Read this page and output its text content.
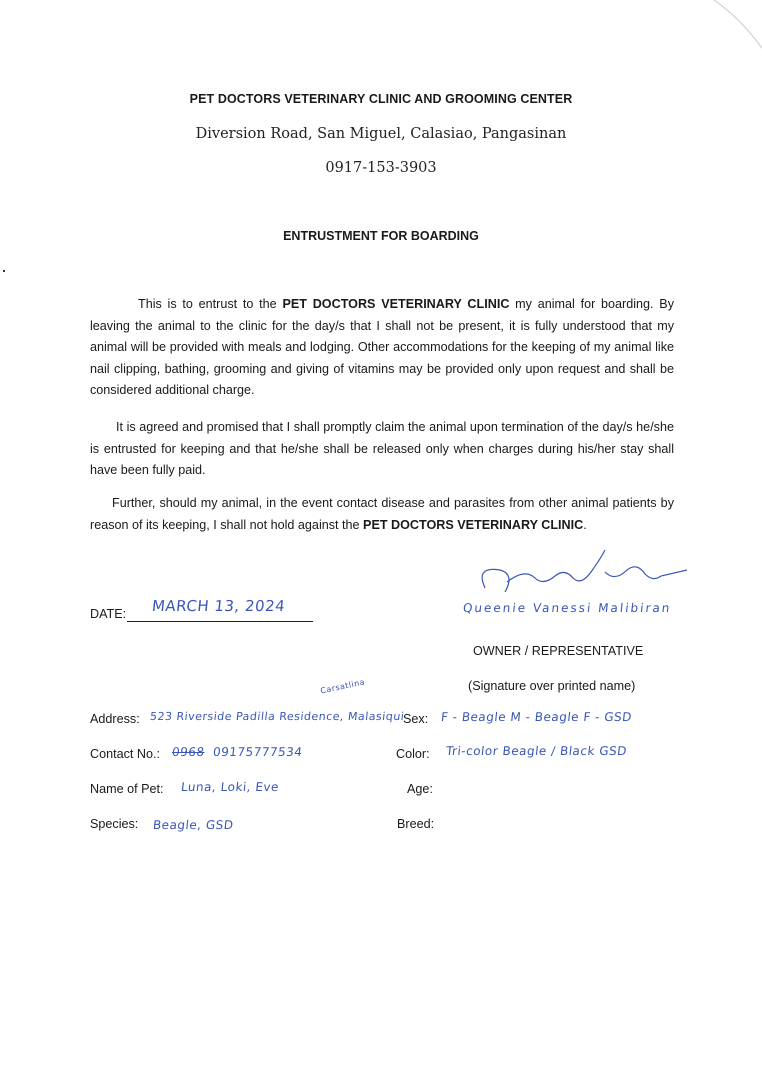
PET DOCTORS VETERINARY CLINIC AND GROOMING CENTER
Diversion Road, San Miguel, Calasiao, Pangasinan
0917-153-3903
ENTRUSTMENT FOR BOARDING
This is to entrust to the PET DOCTORS VETERINARY CLINIC my animal for boarding. By leaving the animal to the clinic for the day/s that I shall not be present, it is fully understood that my animal will be provided with meals and lodging. Other accommodations for the keeping of my animal like nail clipping, bathing, grooming and giving of vitamins may be provided only upon request and shall be considered additional charge.
It is agreed and promised that I shall promptly claim the animal upon termination of the day/s he/she is entrusted for keeping and that he/she shall be released only when charges during his/her stay shall have been fully paid.
Further, should my animal, in the event contact disease and parasites from other animal patients by reason of its keeping, I shall not hold against the PET DOCTORS VETERINARY CLINIC.
DATE: MARCH 13, 2024	Queenie Vanessi Malibiran
OWNER / REPRESENTATIVE
(Signature over printed name)
Address: 523 Riverside Padilla Residence, Malasiqui
Carsatlina
Contact No.: 0968 09175777534
Name of Pet: Luna, Loki, Eve
Species: Beagle, GSD
Sex: F - Beagle M - Beagle F - GSD
Color: Tri-color Beagle / Black GSD
Age:
Breed:
